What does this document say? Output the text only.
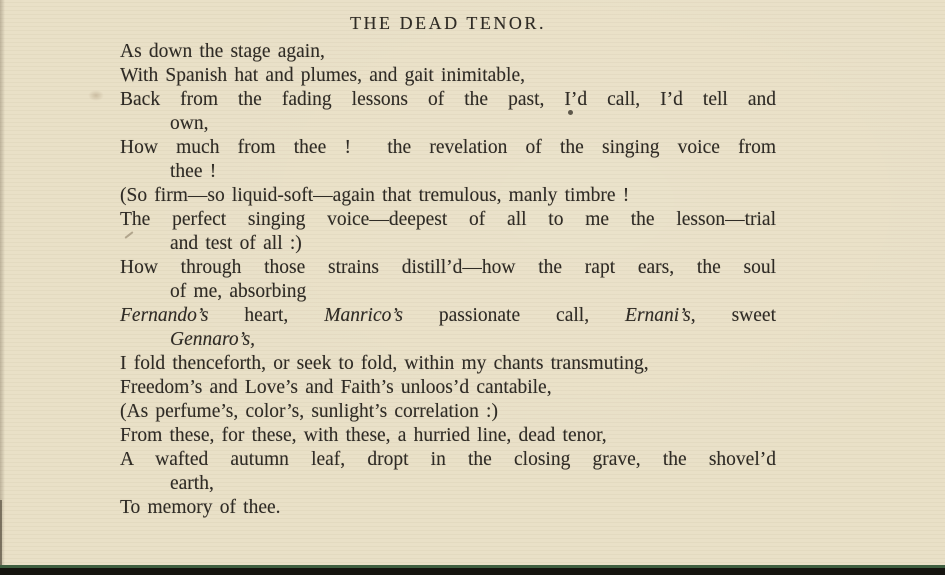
THE DEAD TENOR.
As down the stage again,
With Spanish hat and plumes, and gait inimitable,
Back from the fading lessons of the past, I’d call, I’d tell and
own,
How much from thee !  the revelation of the singing voice from
thee !
(So firm—so liquid-soft—again that tremulous, manly timbre !
The perfect singing voice—deepest of all to me the lesson—trial
and test of all :)
How through those strains distill’d—how the rapt ears, the soul
of me, absorbing
Fernando’s heart, Manrico’s passionate call, Ernani’s, sweet
Gennaro’s,
I fold thenceforth, or seek to fold, within my chants transmuting,
Freedom’s and Love’s and Faith’s unloos’d cantabile,
(As perfume’s, color’s, sunlight’s correlation :)
From these, for these, with these, a hurried line, dead tenor,
A wafted autumn leaf, dropt in the closing grave, the shovel’d
earth,
To memory of thee.
